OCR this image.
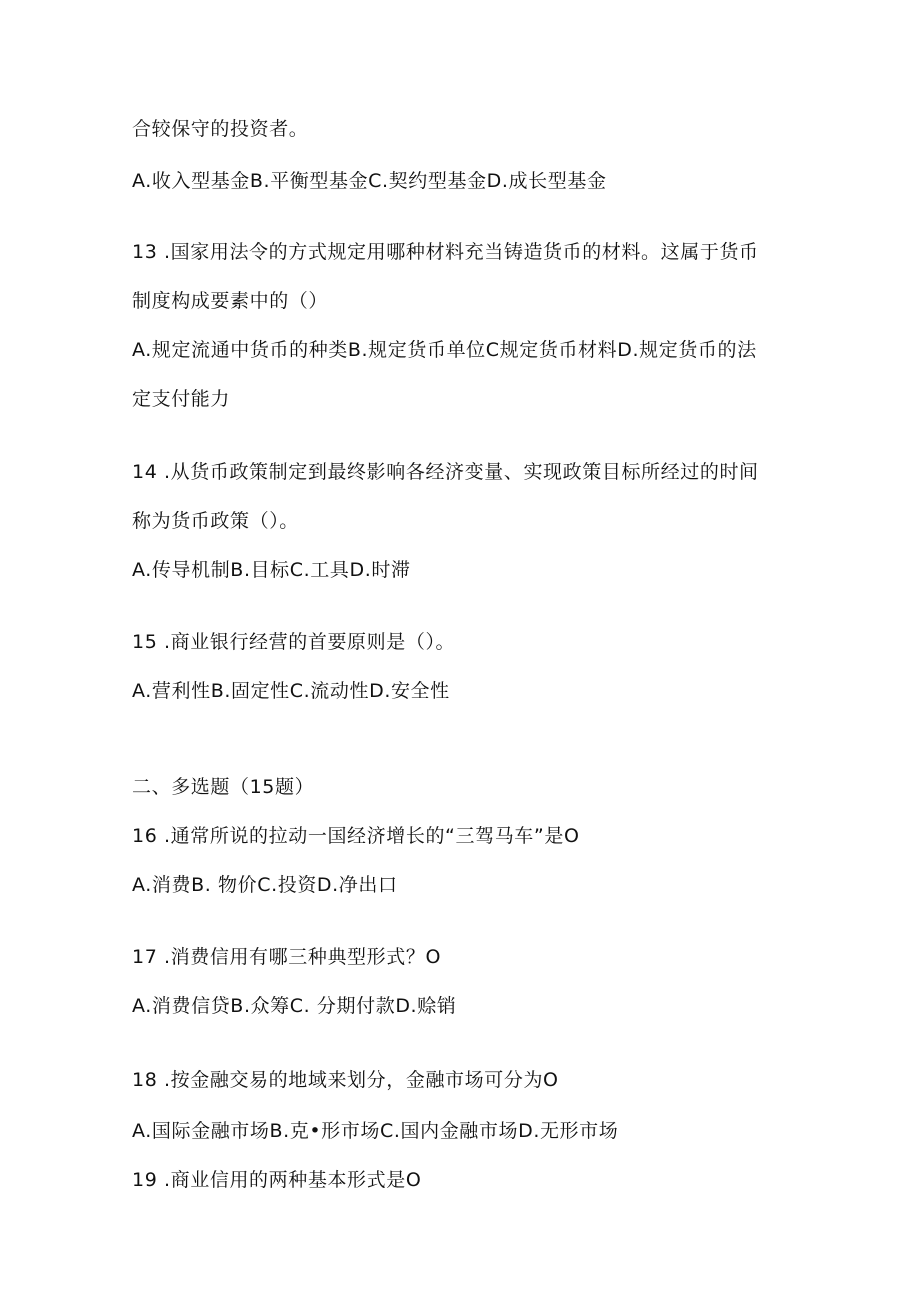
合较保守的投资者。
A.收入型基金B.平衡型基金C.契约型基金D.成长型基金
13 .国家用法令的方式规定用哪种材料充当铸造货币的材料。这属于货币
制度构成要素中的（）
A.规定流通中货币的种类B.规定货币单位C规定货币材料D.规定货币的法
定支付能力
14 .从货币政策制定到最终影响各经济变量、实现政策目标所经过的时间
称为货币政策（）。
A.传导机制B.目标C.工具D.时滞
15 .商业银行经营的首要原则是（）。
A.营利性B.固定性C.流动性D.安全性
二、多选题（15题）
16 .通常所说的拉动一国经济增长的“三驾马车”是O
A.消费B. 物价C.投资D.净出口
17 .消费信用有哪三种典型形式？O
A.消费信贷B.众筹C. 分期付款D.赊销
18 .按金融交易的地域来划分，金融市场可分为O
A.国际金融市场B.克•形市场C.国内金融市场D.无形市场
19 .商业信用的两种基本形式是O
